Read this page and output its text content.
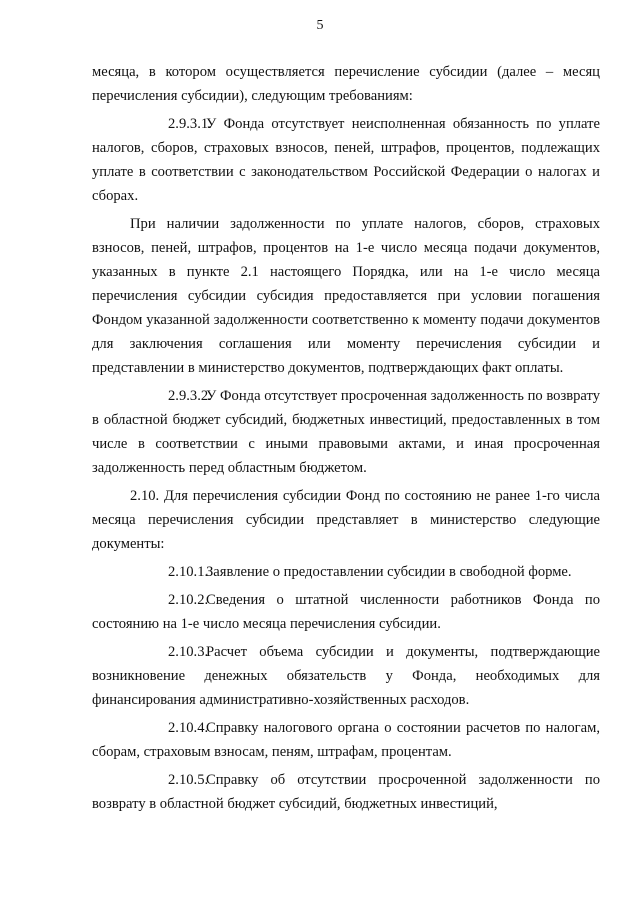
5

месяца, в котором осуществляется перечисление субсидии (далее – месяц перечисления субсидии), следующим требованиям:

2.9.3.1.У Фонда отсутствует неисполненная обязанность по уплате налогов, сборов, страховых взносов, пеней, штрафов, процентов, подлежащих уплате в соответствии с законодательством Российской Федерации о налогах и сборах.

При наличии задолженности по уплате налогов, сборов, страховых взносов, пеней, штрафов, процентов на 1-е число месяца подачи документов, указанных в пункте 2.1 настоящего Порядка, или на 1-е число месяца перечисления субсидии субсидия предоставляется при условии погашения Фондом указанной задолженности соответственно к моменту подачи документов для заключения соглашения или моменту перечисления субсидии и представлении в министерство документов, подтверждающих факт оплаты.

2.9.3.2.У Фонда отсутствует просроченная задолженность по возврату в областной бюджет субсидий, бюджетных инвестиций, предоставленных в том числе в соответствии с иными правовыми актами, и иная просроченная задолженность перед областным бюджетом.

2.10. Для перечисления субсидии Фонд по состоянию не ранее 1-го числа месяца перечисления субсидии представляет в министерство следующие документы:

2.10.1.Заявление о предоставлении субсидии в свободной форме.

2.10.2.Сведения о штатной численности работников Фонда по состоянию на 1-е число месяца перечисления субсидии.

2.10.3.Расчет объема субсидии и документы, подтверждающие возникновение денежных обязательств у Фонда, необходимых для финансирования административно-хозяйственных расходов.

2.10.4.Справку налогового органа о состоянии расчетов по налогам, сборам, страховым взносам, пеням, штрафам, процентам.

2.10.5.Справку об отсутствии просроченной задолженности по возврату в областной бюджет субсидий, бюджетных инвестиций,
